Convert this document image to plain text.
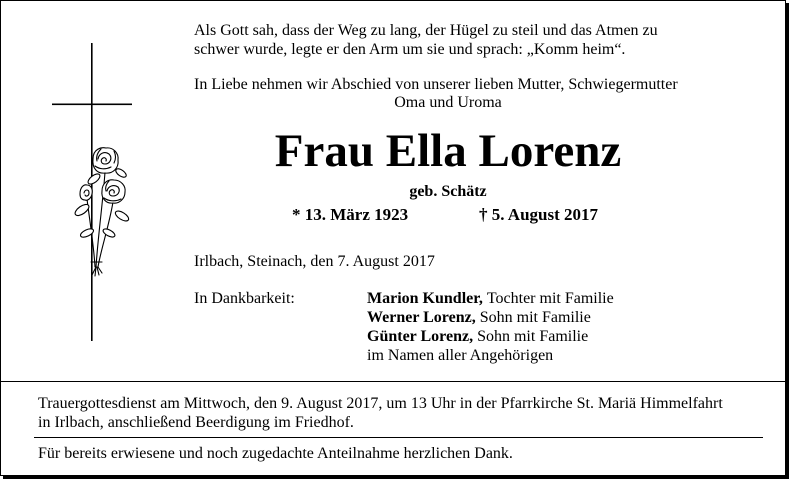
Als Gott sah, dass der Weg zu lang, der Hügel zu steil und das Atmen zu
schwer wurde, legte er den Arm um sie und sprach: „Komm heim“.
In Liebe nehmen wir Abschied von unserer lieben Mutter, Schwiegermutter
Oma und Uroma
Frau Ella Lorenz
geb. Schätz
* 13. März 1923	† 5. August 2017
Irlbach, Steinach, den 7. August 2017
In Dankbarkeit:	Marion Kundler, Tochter mit Familie
Werner Lorenz, Sohn mit Familie
Günter Lorenz, Sohn mit Familie
im Namen aller Angehörigen
Trauergottesdienst am Mittwoch, den 9. August 2017, um 13 Uhr in der Pfarrkirche St. Mariä Himmelfahrt
in Irlbach, anschließend Beerdigung im Friedhof.
Für bereits erwiesene und noch zugedachte Anteilnahme herzlichen Dank.
